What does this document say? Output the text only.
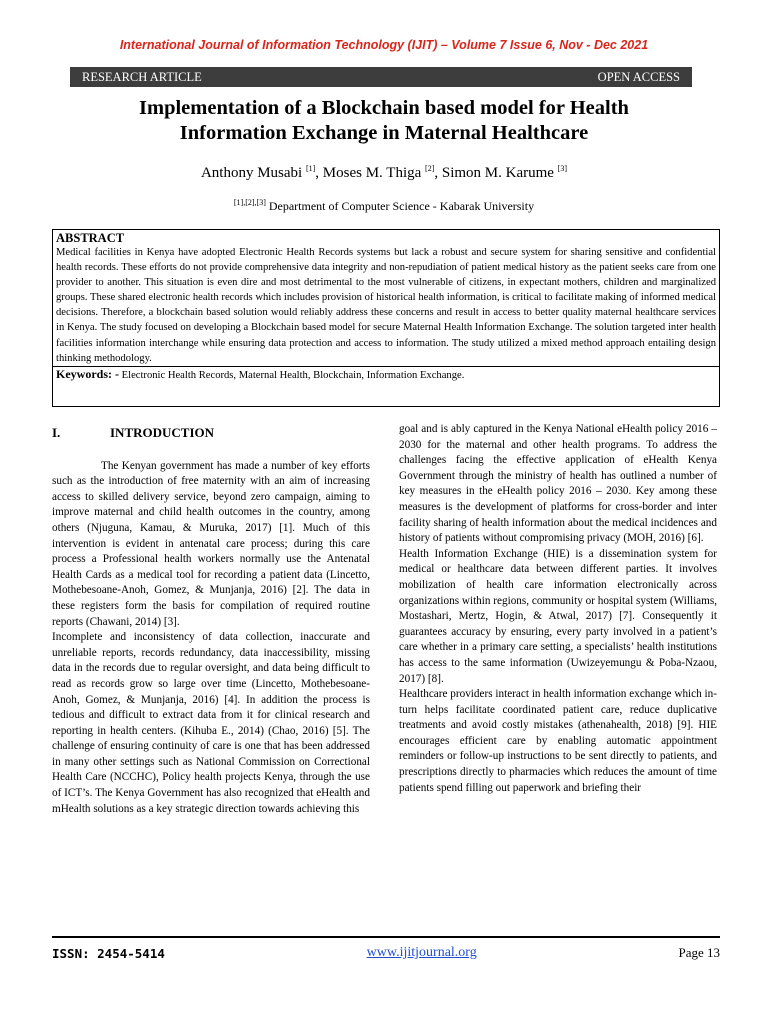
International Journal of Information Technology (IJIT) – Volume 7 Issue 6, Nov - Dec 2021
RESEARCH ARTICLE	OPEN ACCESS
Implementation of a Blockchain based model for Health
Information Exchange in Maternal Healthcare
Anthony Musabi [1], Moses M. Thiga [2], Simon M. Karume [3]
[1],[2],[3] Department of Computer Science - Kabarak University
ABSTRACT
Medical facilities in Kenya have adopted Electronic Health Records systems but lack a robust and secure system for sharing sensitive and confidential health records. These efforts do not provide comprehensive data integrity and non-repudiation of patient medical history as the patient seeks care from one provider to another. This situation is even dire and most detrimental to the most vulnerable of citizens, in expectant mothers, children and marginalized groups. These shared electronic health records which includes provision of historical health information, is critical to facilitate making of informed medical decisions. Therefore, a blockchain based solution would reliably address these concerns and result in access to better quality maternal healthcare services in Kenya. The study focused on developing a Blockchain based model for secure Maternal Health Information Exchange. The solution targeted inter health facilities information interchange while ensuring data protection and access to information. The study utilized a mixed method approach entailing design thinking methodology.
Keywords: - Electronic Health Records, Maternal Health, Blockchain, Information Exchange.
I.	INTRODUCTION

The Kenyan government has made a number of key efforts such as the introduction of free maternity with an aim of increasing access to skilled delivery service, beyond zero campaign, aiming to improve maternal and child health outcomes in the country, among others (Njuguna, Kamau, & Muruka, 2017) [1]. Much of this intervention is evident in antenatal care process; during this care process a Professional health workers normally use the Antenatal Health Cards as a medical tool for recording a patient data (Lincetto, Mothebesoane-Anoh, Gomez, & Munjanja, 2016) [2]. The data in these registers form the basis for compilation of required routine reports (Chawani, 2014) [3].

Incomplete and inconsistency of data collection, inaccurate and unreliable reports, records redundancy, data inaccessibility, missing data in the records due to regular oversight, and data being difficult to read as records grow so large over time (Lincetto, Mothebesoane-Anoh, Gomez, & Munjanja, 2016) [4]. In addition the process is tedious and difficult to extract data from it for clinical research and reporting in health centers. (Kihuba E., 2014) (Chao, 2016) [5]. The challenge of ensuring continuity of care is one that has been addressed in many other settings such as National Commission on Correctional Health Care (NCCHC), Policy health projects Kenya, through the use of ICT’s. The Kenya Government has also recognized that eHealth and mHealth solutions as a key strategic direction towards achieving this

goal and is ably captured in the Kenya National eHealth policy 2016 – 2030 for the maternal and other health programs. To address the challenges facing the effective application of eHealth Kenya Government through the ministry of health has outlined a number of key measures in the eHealth policy 2016 – 2030. Key among these measures is the development of platforms for cross-border and inter facility sharing of health information about the medical incidences and history of patients without compromising privacy (MOH, 2016) [6].

Health Information Exchange (HIE) is a dissemination system for medical or healthcare data between different parties. It involves mobilization of health care information electronically across organizations within regions, community or hospital system (Williams, Mostashari, Mertz, Hogin, & Atwal, 2017) [7]. Consequently it guarantees accuracy by ensuring, every party involved in a patient’s care whether in a primary care setting, a specialists’ health institutions has access to the same information (Uwizeyemungu & Poba-Nzaou, 2017) [8].

Healthcare providers interact in health information exchange which in-turn helps facilitate coordinated patient care, reduce duplicative treatments and avoid costly mistakes (athenahealth, 2018) [9]. HIE encourages efficient care by enabling automatic appointment reminders or follow-up instructions to be sent directly to patients, and prescriptions directly to pharmacies which reduces the amount of time patients spend filling out paperwork and briefing their

ISSN: 2454-5414	www.ijitjournal.org	Page 13
